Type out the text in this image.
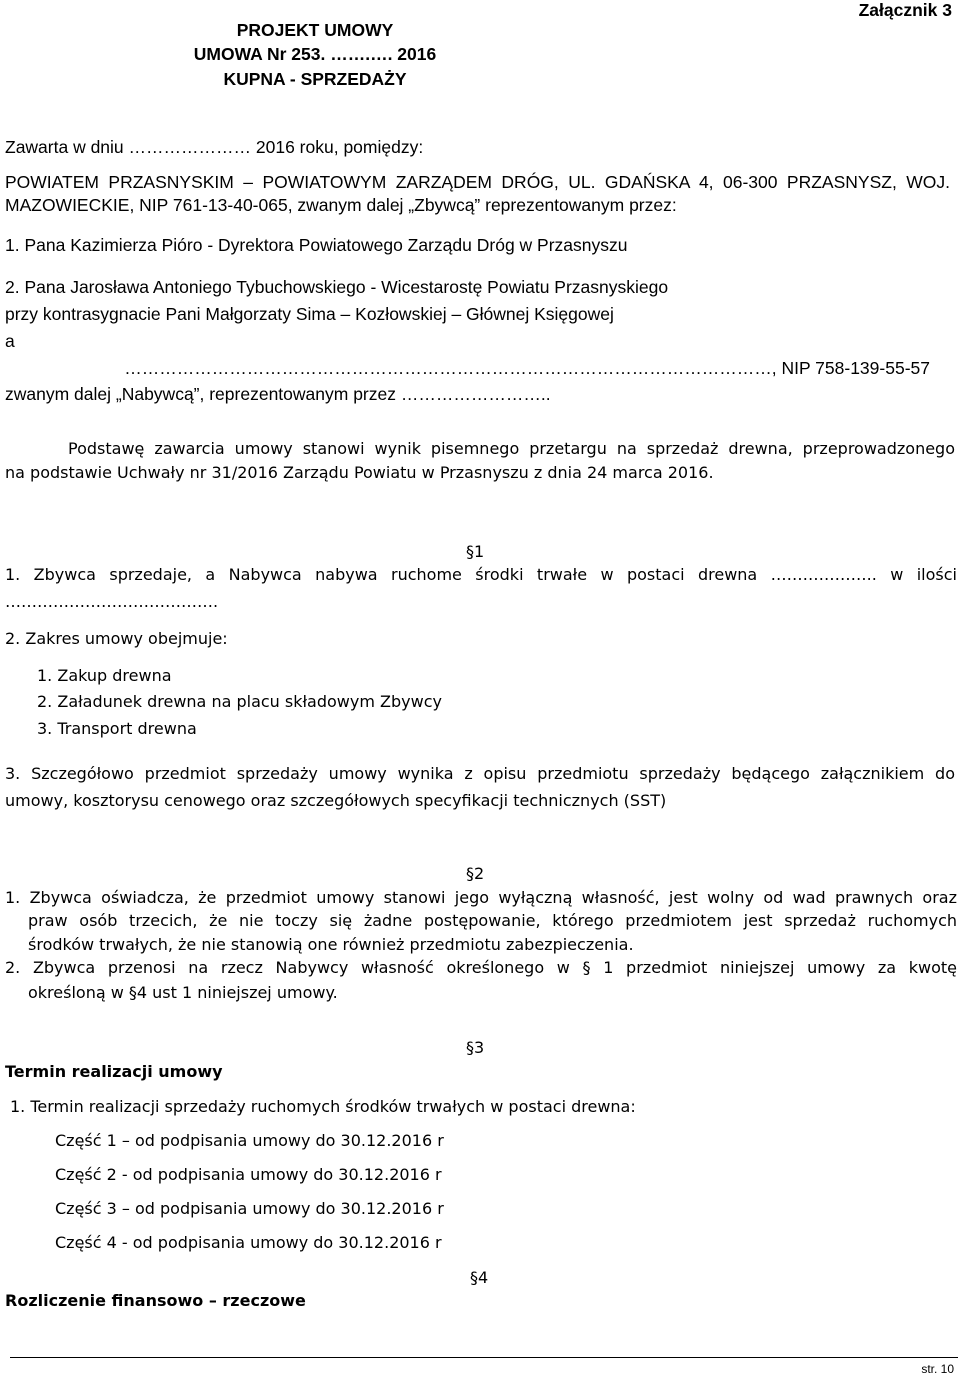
Załącznik 3
PROJEKT UMOWY
UMOWA Nr 253. …….…. 2016
KUPNA - SPRZEDAŻY
Zawarta w dniu ………………… 2016 roku, pomiędzy:
POWIATEM PRZASNYSKIM – POWIATOWYM ZARZĄDEM DRÓG, UL. GDAŃSKA 4, 06-300 PRZASNYSZ, WOJ.
MAZOWIECKIE, NIP 761-13-40-065, zwanym dalej „Zbywcą” reprezentowanym przez:
1. Pana Kazimierza Pióro - Dyrektora Powiatowego Zarządu Dróg w Przasnyszu
2. Pana Jarosława Antoniego Tybuchowskiego - Wicestarostę Powiatu Przasnyskiego
przy kontrasygnacie Pani Małgorzaty Sima – Kozłowskiej – Głównej Księgowej
a
…………………………………………………………………………………………………, NIP 758-139-55-57
zwanym dalej „Nabywcą”, reprezentowanym przez ……………………..
Podstawę zawarcia umowy stanowi wynik pisemnego przetargu na sprzedaż drewna, przeprowadzonego
na podstawie Uchwały nr 31/2016 Zarządu Powiatu w Przasnyszu z dnia 24 marca 2016.
§1
1. Zbywca sprzedaje, a Nabywca nabywa ruchome środki trwałe w postaci drewna ……………….. w ilości
………………………………….
2. Zakres umowy obejmuje:
1. Zakup drewna
2. Załadunek drewna na placu składowym Zbywcy
3. Transport drewna
3. Szczegółowo przedmiot sprzedaży umowy wynika z opisu przedmiotu sprzedaży będącego załącznikiem do
umowy, kosztorysu cenowego oraz szczegółowych specyfikacji technicznych (SST)
§2
1. Zbywca oświadcza, że przedmiot umowy stanowi jego wyłączną własność, jest wolny od wad prawnych oraz
praw osób trzecich, że nie toczy się żadne postępowanie, którego przedmiotem jest sprzedaż ruchomych
środków trwałych, że nie stanowią one również przedmiotu zabezpieczenia.
2. Zbywca przenosi na rzecz Nabywcy własność określonego w § 1 przedmiot niniejszej umowy za kwotę
określoną w §4 ust 1 niniejszej umowy.
§3
Termin realizacji umowy
1. Termin realizacji sprzedaży ruchomych środków trwałych w postaci drewna:
Część 1 – od podpisania umowy do 30.12.2016 r
Część 2 - od podpisania umowy do 30.12.2016 r
Część 3 – od podpisania umowy do 30.12.2016 r
Część 4 - od podpisania umowy do 30.12.2016 r
§4
Rozliczenie finansowo – rzeczowe
str. 10
